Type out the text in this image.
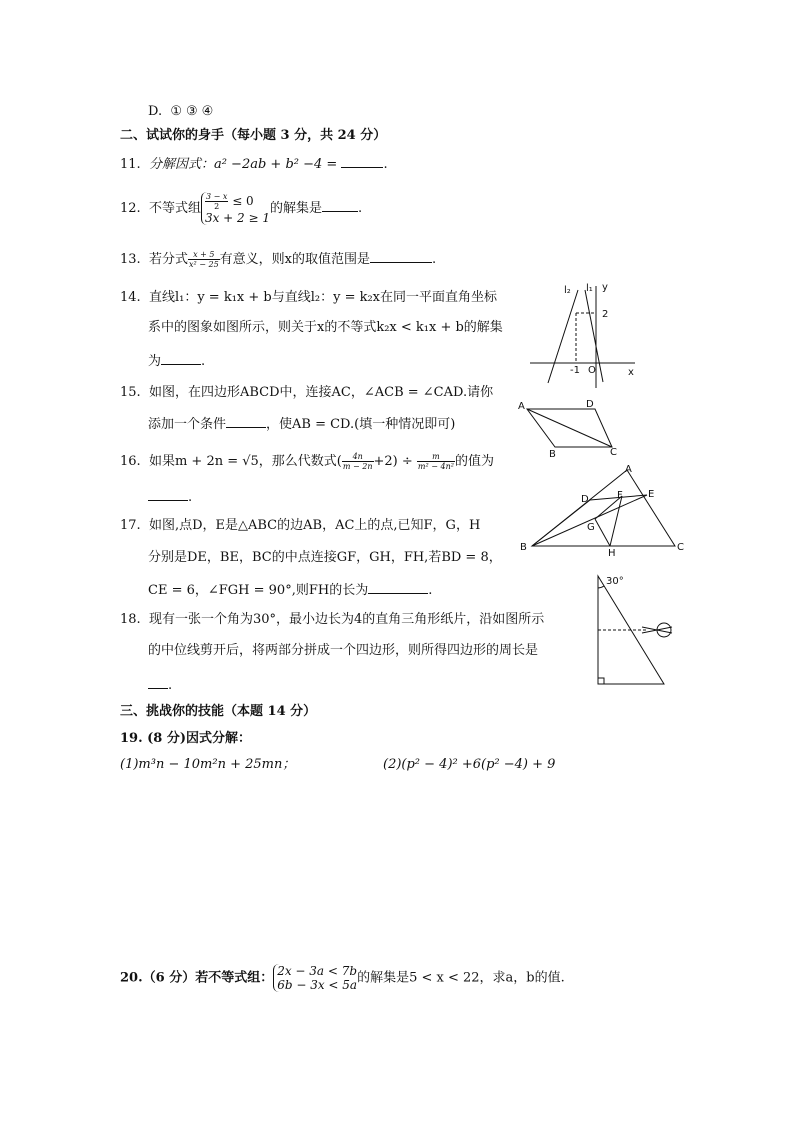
D. ①③④
二、试试你的身手（每小题 3 分，共 24 分）
11. 分解因式：a² −2ab + b² −4 =	.
12. 不等式组 $\frac{3 - x}{2} \le 0$
3x + 2 ≥ 1
的解集是	.
13. 若分式 $\frac{x + 5}{\text{x² − 25}}$ 有意义，则x的取值范围是	.
14. 直线l₁：y = k₁x + b与直线l₂：y = k₂x在同一平面直角坐标
系中的图象如图所示，则关于x的不等式k₂x < k₁x + b的解集
为	.
l₂ l₁ y
x
2
-1 O
15. 如图，在四边形ABCD中，连接AC，∠ACB = ∠CAD.请你
添加一个条件	，使AB = CD.(填一种情况即可)
A	D
B	C
16. 如果m + 2n = √5，那么代数式( $\frac{4n}{m - 2n} +2) \div \frac{m}{\text{m² − 4n²}}$ 的值为
.
17. 如图,点D，E是△ABC的边AB，AC上的点,已知F，G，H
分别是DE，BE，BC的中点连接GF，GH，FH,若BD = 8，
CE = 6，∠FGH = 90°,则FH的长为	.
A
B	C
D	E
F
G
H
18. 现有一张一个角为30°，最小边长为4的直角三角形纸片，沿如图所示
的中位线剪开后，将两部分拼成一个四边形，则所得四边形的周长是
.
30°
三、挑战你的技能（本题 14 分）
19. (8 分)因式分解：
(1)m³n − 10m²n + 25mn；	(2)(p² − 4)² +6(p² −4) + 9
20.（6 分）若不等式组： 2x − 3a < 7b
6b − 3x < 5a 的解集是5 < x < 22，求a，b的值.
